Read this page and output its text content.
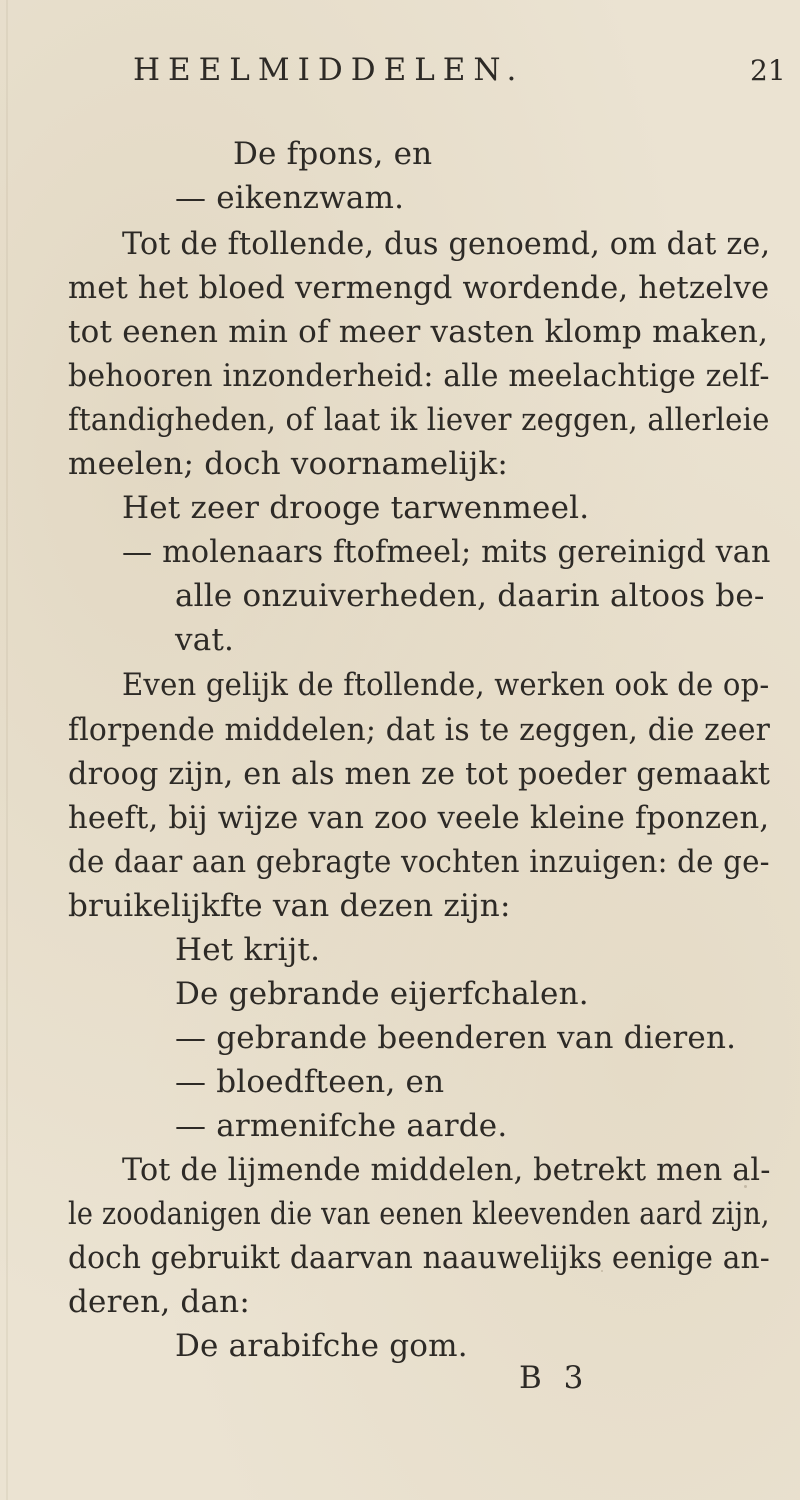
HEELMIDDELEN.	21
De fpons, en
— eikenzwam.
Tot de ftollende, dus genoemd, om dat ze,
met het bloed vermengd wordende, hetzelve
tot eenen min of meer vasten klomp maken,
behooren inzonderheid: alle meelachtige zelf-
ftandigheden, of laat ik liever zeggen, allerleie
meelen; doch voornamelijk:
Het zeer drooge tarwenmeel.
— molenaars ftofmeel; mits gereinigd van
alle onzuiverheden, daarin altoos be-
vat.
Even gelijk de ftollende, werken ook de op-
florpende middelen; dat is te zeggen, die zeer
droog zijn, en als men ze tot poeder gemaakt
heeft, bij wijze van zoo veele kleine fponzen,
de daar aan gebragte vochten inzuigen: de ge-
bruikelijkfte van dezen zijn:
Het krijt.
De gebrande eijerfchalen.
— gebrande beenderen van dieren.
— bloedfteen, en
— armenifche aarde.
Tot de lijmende middelen, betrekt men al-
le zoodanigen die van eenen kleevenden aard zijn,
doch gebruikt daarvan naauwelijks eenige an-
deren, dan:
De arabifche gom.
B 3
